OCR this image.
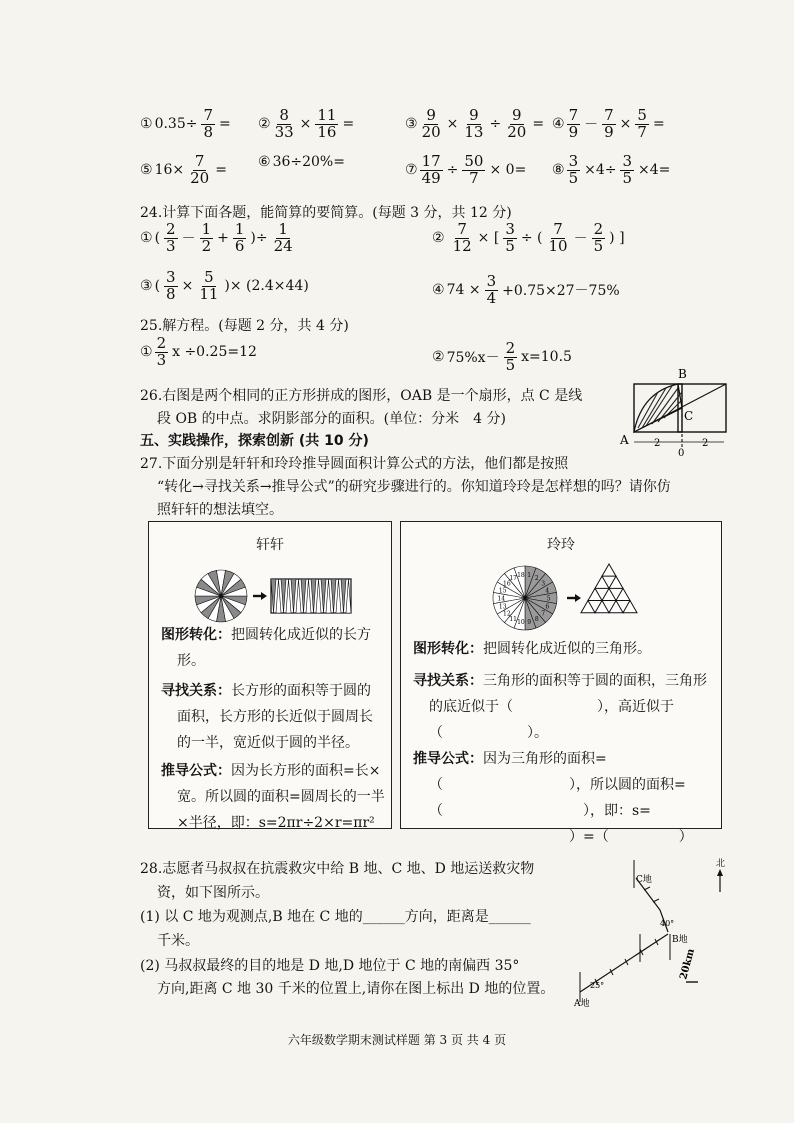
24.计算下面各题，能简算的要简算。(每题 3 分，共 12 分)
25.解方程。(每题 2 分，共 4 分)
26.右图是两个相同的正方形拼成的图形，OAB 是一个扇形，点 C 是线
段 OB 的中点。求阴影部分的面积。(单位：分米　4 分)
B
C
A
0
2	2
五、实践操作，探索创新 (共 10 分)
27.下面分别是轩轩和玲玲推导圆面积计算公式的方法，他们都是按照
“转化→寻找关系→推导公式”的研究步骤进行的。你知道玲玲是怎样想的吗？请你仿
照轩轩的想法填空。
轩轩
图形转化：把圆转化成近似的长方
形。
寻找关系：长方形的面积等于圆的
面积，长方形的长近似于圆周长
的一半，宽近似于圆的半径。
推导公式：因为长方形的面积=长×
宽。所以圆的面积=圆周长的一半
×半径，即：s=2πr÷2×r=πr²
玲玲
1 2
3
4
5
6
7
8
9
10
11
12
13
14
15
16
17 18
图形转化：把圆转化成近似的三角形。
寻找关系：三角形的面积等于圆的面积，三角形
的底近似于（　　　　　　），高近似于
（　　　　　　）。
推导公式：因为三角形的面积=
（　　　　　　　　　），所以圆的面积=
（　　　　　　　　　　），即：s=
　　　　　　　　　　）=（　　　　　）
28.志愿者马叔叔在抗震救灾中给 B 地、C 地、D 地运送救灾物
资，如下图所示。
(1) 以 C 地为观测点,B 地在 C 地的______方向，距离是______
千米。
(2) 马叔叔最终的目的地是 D 地,D 地位于 C 地的南偏西 35°
方向,距离 C 地 30 千米的位置上,请你在图上标出 D 地的位置。
C地
B地
A地
40°
25°
北
20km
六年级数学期末测试样题 第 3 页 共 4 页
① $0.35\div \frac{7}{8}$ = ② $\frac{8}{33} \times \frac{11}{16}$ =	③ $\frac{9}{20} \times \frac{9}{13} \div \frac{9}{20}$ = ④ $\frac{7}{9} - \frac{7}{9} \times \frac{5}{7}$ =
⑤ $16\times \frac{7}{20}$ =
⑥ 36÷20%=
⑦ $\frac{17}{49} \div \frac{50}{7} \times 0=$ ⑧ $\frac{3}{5} \times 4\div \frac{3}{5} \times 4=$
① ( $\frac{2}{3} - \frac{1}{2} + \frac{1}{6}$ )÷ $\frac{1}{24}$	② $\frac{7}{12}$ × [ $\frac{3}{5}$ ÷ ( $\frac{7}{10} - \frac{2}{5}$ ) ]
③ ( $\frac{3}{8} \times \frac{5}{11}$ )× (2.4×44)	④ $74 \times \frac{3}{4} +0.75\times 27-75\%$
① $\frac{2}{3}$ x ÷0.25=12	② $75\%x- \frac{2}{5} x=10.5$
